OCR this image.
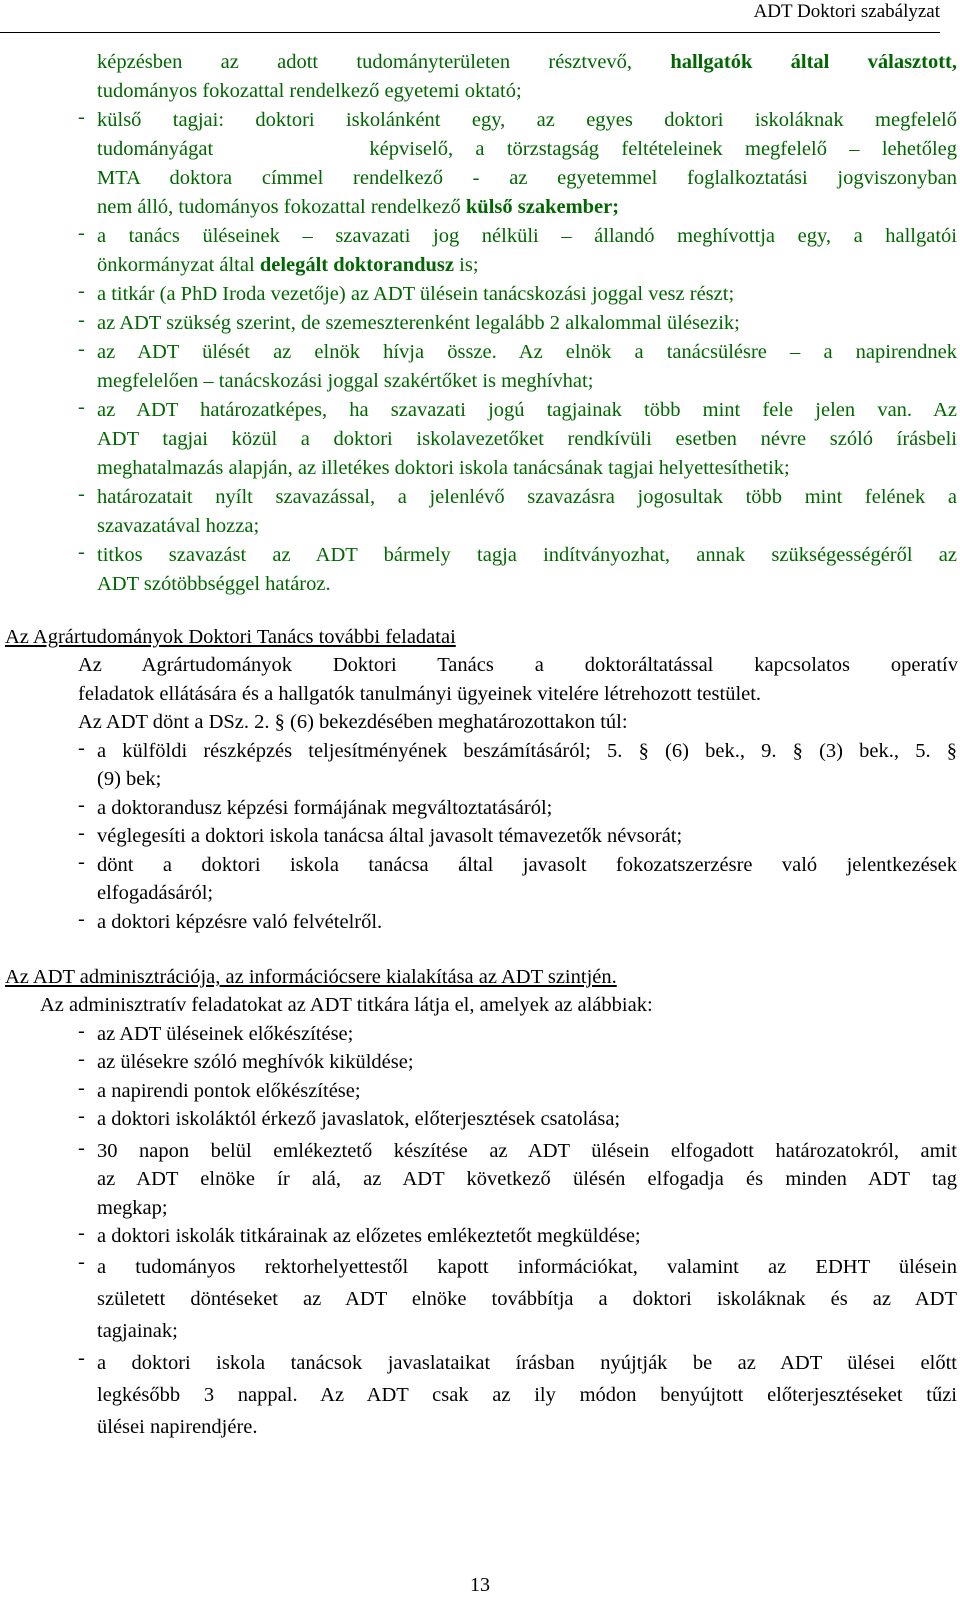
ADT Doktori szabályzat
képzésben az adott tudományterületen résztvevő, hallgatók által választott,
tudományos fokozattal rendelkező egyetemi oktató;
- külső tagjai: doktori iskolánként egy, az egyes doktori iskoláknak megfelelő
tudományágat       képviselő, a törzstagság feltételeinek megfelelő – lehetőleg
MTA doktora címmel rendelkező - az egyetemmel foglalkoztatási jogviszonyban
nem álló, tudományos fokozattal rendelkező külső szakember;
- a tanács üléseinek – szavazati jog nélküli – állandó meghívottja egy, a hallgatói
önkormányzat által delegált doktorandusz is;
- a titkár (a PhD Iroda vezetője) az ADT ülésein tanácskozási joggal vesz részt;
- az ADT szükség szerint, de szemeszterenként legalább 2 alkalommal ülésezik;
- az ADT ülését az elnök hívja össze. Az elnök a tanácsülésre – a napirendnek
megfelelően – tanácskozási joggal szakértőket is meghívhat;
- az ADT határozatképes, ha szavazati jogú tagjainak több mint fele jelen van. Az
ADT tagjai közül a doktori iskolavezetőket rendkívüli esetben névre szóló írásbeli
meghatalmazás alapján, az illetékes doktori iskola tanácsának tagjai helyettesíthetik;
- határozatait nyílt szavazással, a jelenlévő szavazásra jogosultak több mint felének a
szavazatával hozza;
- titkos szavazást az ADT bármely tagja indítványozhat, annak szükségességéről az
ADT szótöbbséggel határoz.
Az Agrártudományok Doktori Tanács további feladatai
Az Agrártudományok Doktori Tanács a doktoráltatással kapcsolatos operatív
feladatok ellátására és a hallgatók tanulmányi ügyeinek vitelére létrehozott testület.
Az ADT dönt a DSz. 2. § (6) bekezdésében meghatározottakon túl:
- a külföldi részképzés teljesítményének beszámításáról; 5. § (6) bek., 9. § (3) bek., 5. §
(9) bek;
- a doktorandusz képzési formájának megváltoztatásáról;
- véglegesíti a doktori iskola tanácsa által javasolt témavezetők névsorát;
- dönt a doktori iskola tanácsa által javasolt fokozatszerzésre való jelentkezések
elfogadásáról;
- a doktori képzésre való felvételről.
Az ADT adminisztrációja, az információcsere kialakítása az ADT szintjén.
Az adminisztratív feladatokat az ADT titkára látja el, amelyek az alábbiak:
- az ADT üléseinek előkészítése;
- az ülésekre szóló meghívók kiküldése;
- a napirendi pontok előkészítése;
- a doktori iskoláktól érkező javaslatok, előterjesztések csatolása;
- 30 napon belül emlékeztető készítése az ADT ülésein elfogadott határozatokról, amit
az ADT elnöke ír alá, az ADT következő ülésén elfogadja és minden ADT tag
megkap;
- a doktori iskolák titkárainak az előzetes emlékeztetőt megküldése;
- a tudományos rektorhelyettestől kapott információkat, valamint az EDHT ülésein
született döntéseket az ADT elnöke továbbítja a doktori iskoláknak és az ADT
tagjainak;
- a doktori iskola tanácsok javaslataikat írásban nyújtják be az ADT ülései előtt
legkésőbb 3 nappal. Az ADT csak az ily módon benyújtott előterjesztéseket tűzi
ülései napirendjére.
13
